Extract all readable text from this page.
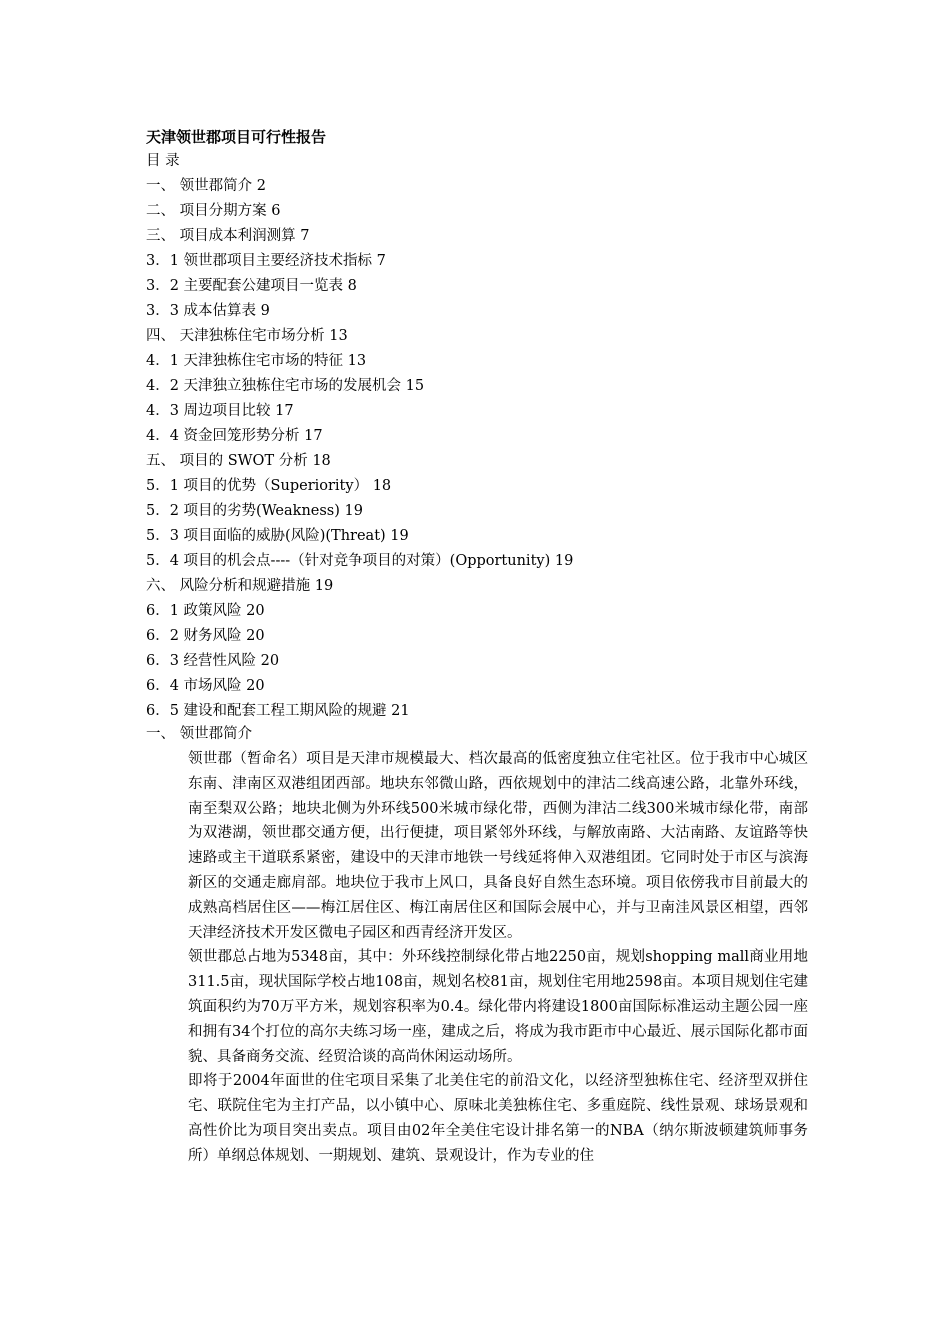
天津领世郡项目可行性报告
目 录
一、 领世郡简介 2
二、 项目分期方案 6
三、 项目成本利润测算 7
3．1 领世郡项目主要经济技术指标 7
3．2 主要配套公建项目一览表 8
3．3 成本估算表 9
四、 天津独栋住宅市场分析 13
4．1 天津独栋住宅市场的特征 13
4．2 天津独立独栋住宅市场的发展机会 15
4．3 周边项目比较 17
4．4 资金回笼形势分析 17
五、 项目的 SWOT 分析 18
5．1 项目的优势（Superiority） 18
5．2 项目的劣势(Weakness) 19
5．3 项目面临的威胁(风险)(Threat) 19
5．4 项目的机会点----（针对竞争项目的对策）(Opportunity) 19
六、 风险分析和规避措施 19
6．1 政策风险 20
6．2 财务风险 20
6．3 经营性风险 20
6．4 市场风险 20
6．5 建设和配套工程工期风险的规避 21
一、 领世郡简介

领世郡（暂命名）项目是天津市规模最大、档次最高的低密度独立住宅社区。位于我市中心城区东南、津南区双港组团西部。地块东邻微山路，西依规划中的津沽二线高速公路，北靠外环线，南至梨双公路；地块北侧为外环线500米城市绿化带，西侧为津沽二线300米城市绿化带，南部为双港湖，领世郡交通方便，出行便捷，项目紧邻外环线，与解放南路、大沽南路、友谊路等快速路或主干道联系紧密，建设中的天津市地铁一号线延将伸入双港组团。它同时处于市区与滨海新区的交通走廊肩部。地块位于我市上风口，具备良好自然生态环境。项目依傍我市目前最大的成熟高档居住区——梅江居住区、梅江南居住区和国际会展中心，并与卫南洼风景区相望，西邻天津经济技术开发区微电子园区和西青经济开发区。

领世郡总占地为5348亩，其中：外环线控制绿化带占地2250亩，规划shopping mall商业用地311.5亩，现状国际学校占地108亩，规划名校81亩，规划住宅用地2598亩。本项目规划住宅建筑面积约为70万平方米，规划容积率为0.4。绿化带内将建设1800亩国际标准运动主题公园一座和拥有34个打位的高尔夫练习场一座，建成之后，将成为我市距市中心最近、展示国际化都市面貌、具备商务交流、经贸洽谈的高尚休闲运动场所。

即将于2004年面世的住宅项目采集了北美住宅的前沿文化，以经济型独栋住宅、经济型双拼住宅、联院住宅为主打产品，以小镇中心、原味北美独栋住宅、多重庭院、线性景观、球场景观和高性价比为项目突出卖点。项目由02年全美住宅设计排名第一的NBA（纳尔斯波顿建筑师事务所）单纲总体规划、一期规划、建筑、景观设计，作为专业的住
